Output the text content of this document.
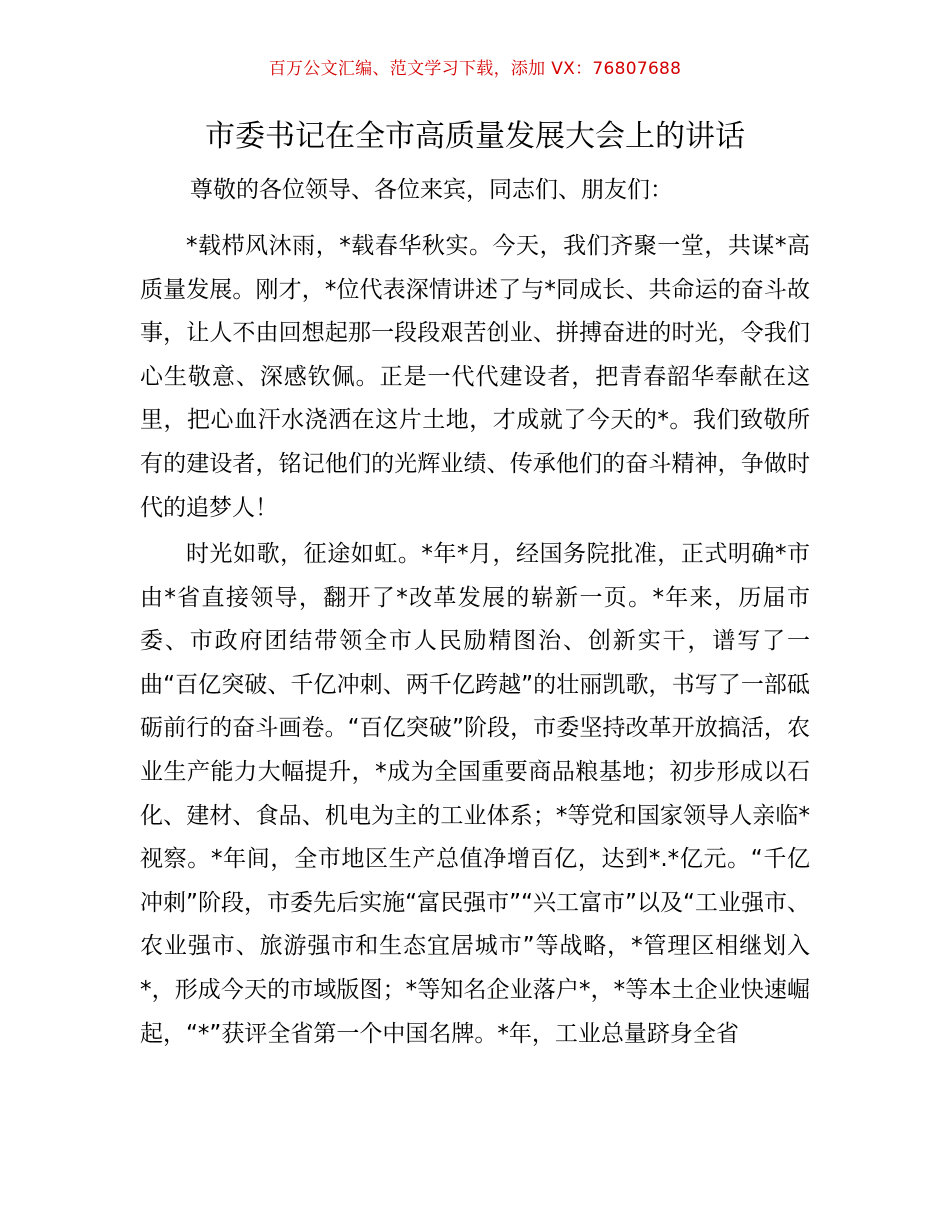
百万公文汇编、范文学习下载，添加 VX：76807688
市委书记在全市高质量发展大会上的讲话
尊敬的各位领导、各位来宾，同志们、朋友们：

*载栉风沐雨，*载春华秋实。今天，我们齐聚一堂，共谋*高质量发展。刚才，*位代表深情讲述了与*同成长、共命运的奋斗故事，让人不由回想起那一段段艰苦创业、拼搏奋进的时光，令我们心生敬意、深感钦佩。正是一代代建设者，把青春韶华奉献在这里，把心血汗水浇洒在这片土地，才成就了今天的*。我们致敬所有的建设者，铭记他们的光辉业绩、传承他们的奋斗精神，争做时代的追梦人！

时光如歌，征途如虹。*年*月，经国务院批准，正式明确*市由*省直接领导，翻开了*改革发展的崭新一页。*年来，历届市委、市政府团结带领全市人民励精图治、创新实干，谱写了一曲“百亿突破、千亿冲刺、两千亿跨越”的壮丽凯歌，书写了一部砥砺前行的奋斗画卷。“百亿突破”阶段，市委坚持改革开放搞活，农业生产能力大幅提升，*成为全国重要商品粮基地；初步形成以石化、建材、食品、机电为主的工业体系；*等党和国家领导人亲临*视察。*年间，全市地区生产总值净增百亿，达到*.*亿元。“千亿冲刺”阶段，市委先后实施“富民强市”“兴工富市”以及“工业强市、农业强市、旅游强市和生态宜居城市”等战略，*管理区相继划入*，形成今天的市域版图；*等知名企业落户*，*等本土企业快速崛起，“*”获评全省第一个中国名牌。*年，工业总量跻身全省
